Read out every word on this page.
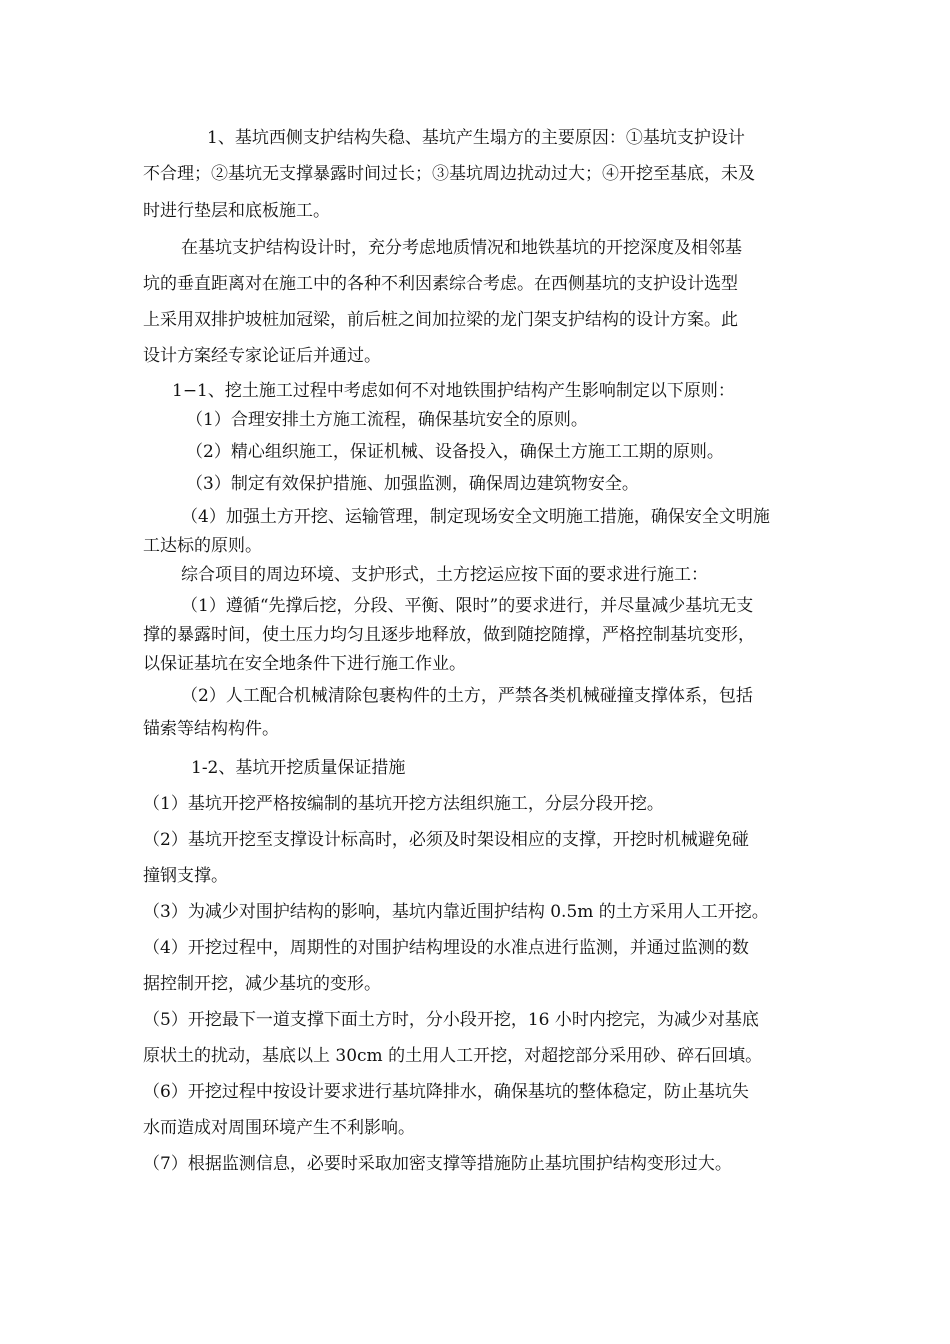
1、基坑西侧支护结构失稳、基坑产生塌方的主要原因：①基坑支护设计
不合理；②基坑无支撑暴露时间过长；③基坑周边扰动过大；④开挖至基底，未及
时进行垫层和底板施工。
在基坑支护结构设计时，充分考虑地质情况和地铁基坑的开挖深度及相邻基
坑的垂直距离对在施工中的各种不利因素综合考虑。在西侧基坑的支护设计选型
上采用双排护坡桩加冠梁，前后桩之间加拉梁的龙门架支护结构的设计方案。此
设计方案经专家论证后并通过。
1−1、挖土施工过程中考虑如何不对地铁围护结构产生影响制定以下原则：
（1）合理安排土方施工流程，确保基坑安全的原则。
（2）精心组织施工，保证机械、设备投入，确保土方施工工期的原则。
（3）制定有效保护措施、加强监测，确保周边建筑物安全。
（4）加强土方开挖、运输管理，制定现场安全文明施工措施，确保安全文明施
工达标的原则。
综合项目的周边环境、支护形式，土方挖运应按下面的要求进行施工：
（1）遵循“先撑后挖，分段、平衡、限时”的要求进行，并尽量减少基坑无支
撑的暴露时间，使土压力均匀且逐步地释放，做到随挖随撑，严格控制基坑变形，
以保证基坑在安全地条件下进行施工作业。
（2）人工配合机械清除包裹构件的土方，严禁各类机械碰撞支撑体系，包括
锚索等结构构件。
1-2、基坑开挖质量保证措施
（1）基坑开挖严格按编制的基坑开挖方法组织施工，分层分段开挖。
（2）基坑开挖至支撑设计标高时，必须及时架设相应的支撑，开挖时机械避免碰
撞钢支撑。
（3）为减少对围护结构的影响，基坑内靠近围护结构 0.5m 的土方采用人工开挖。
（4）开挖过程中，周期性的对围护结构埋设的水准点进行监测，并通过监测的数
据控制开挖，减少基坑的变形。
（5）开挖最下一道支撑下面土方时，分小段开挖，16 小时内挖完，为减少对基底
原状土的扰动，基底以上 30cm 的土用人工开挖，对超挖部分采用砂、碎石回填。
（6）开挖过程中按设计要求进行基坑降排水，确保基坑的整体稳定，防止基坑失
水而造成对周围环境产生不利影响。
（7）根据监测信息，必要时采取加密支撑等措施防止基坑围护结构变形过大。
